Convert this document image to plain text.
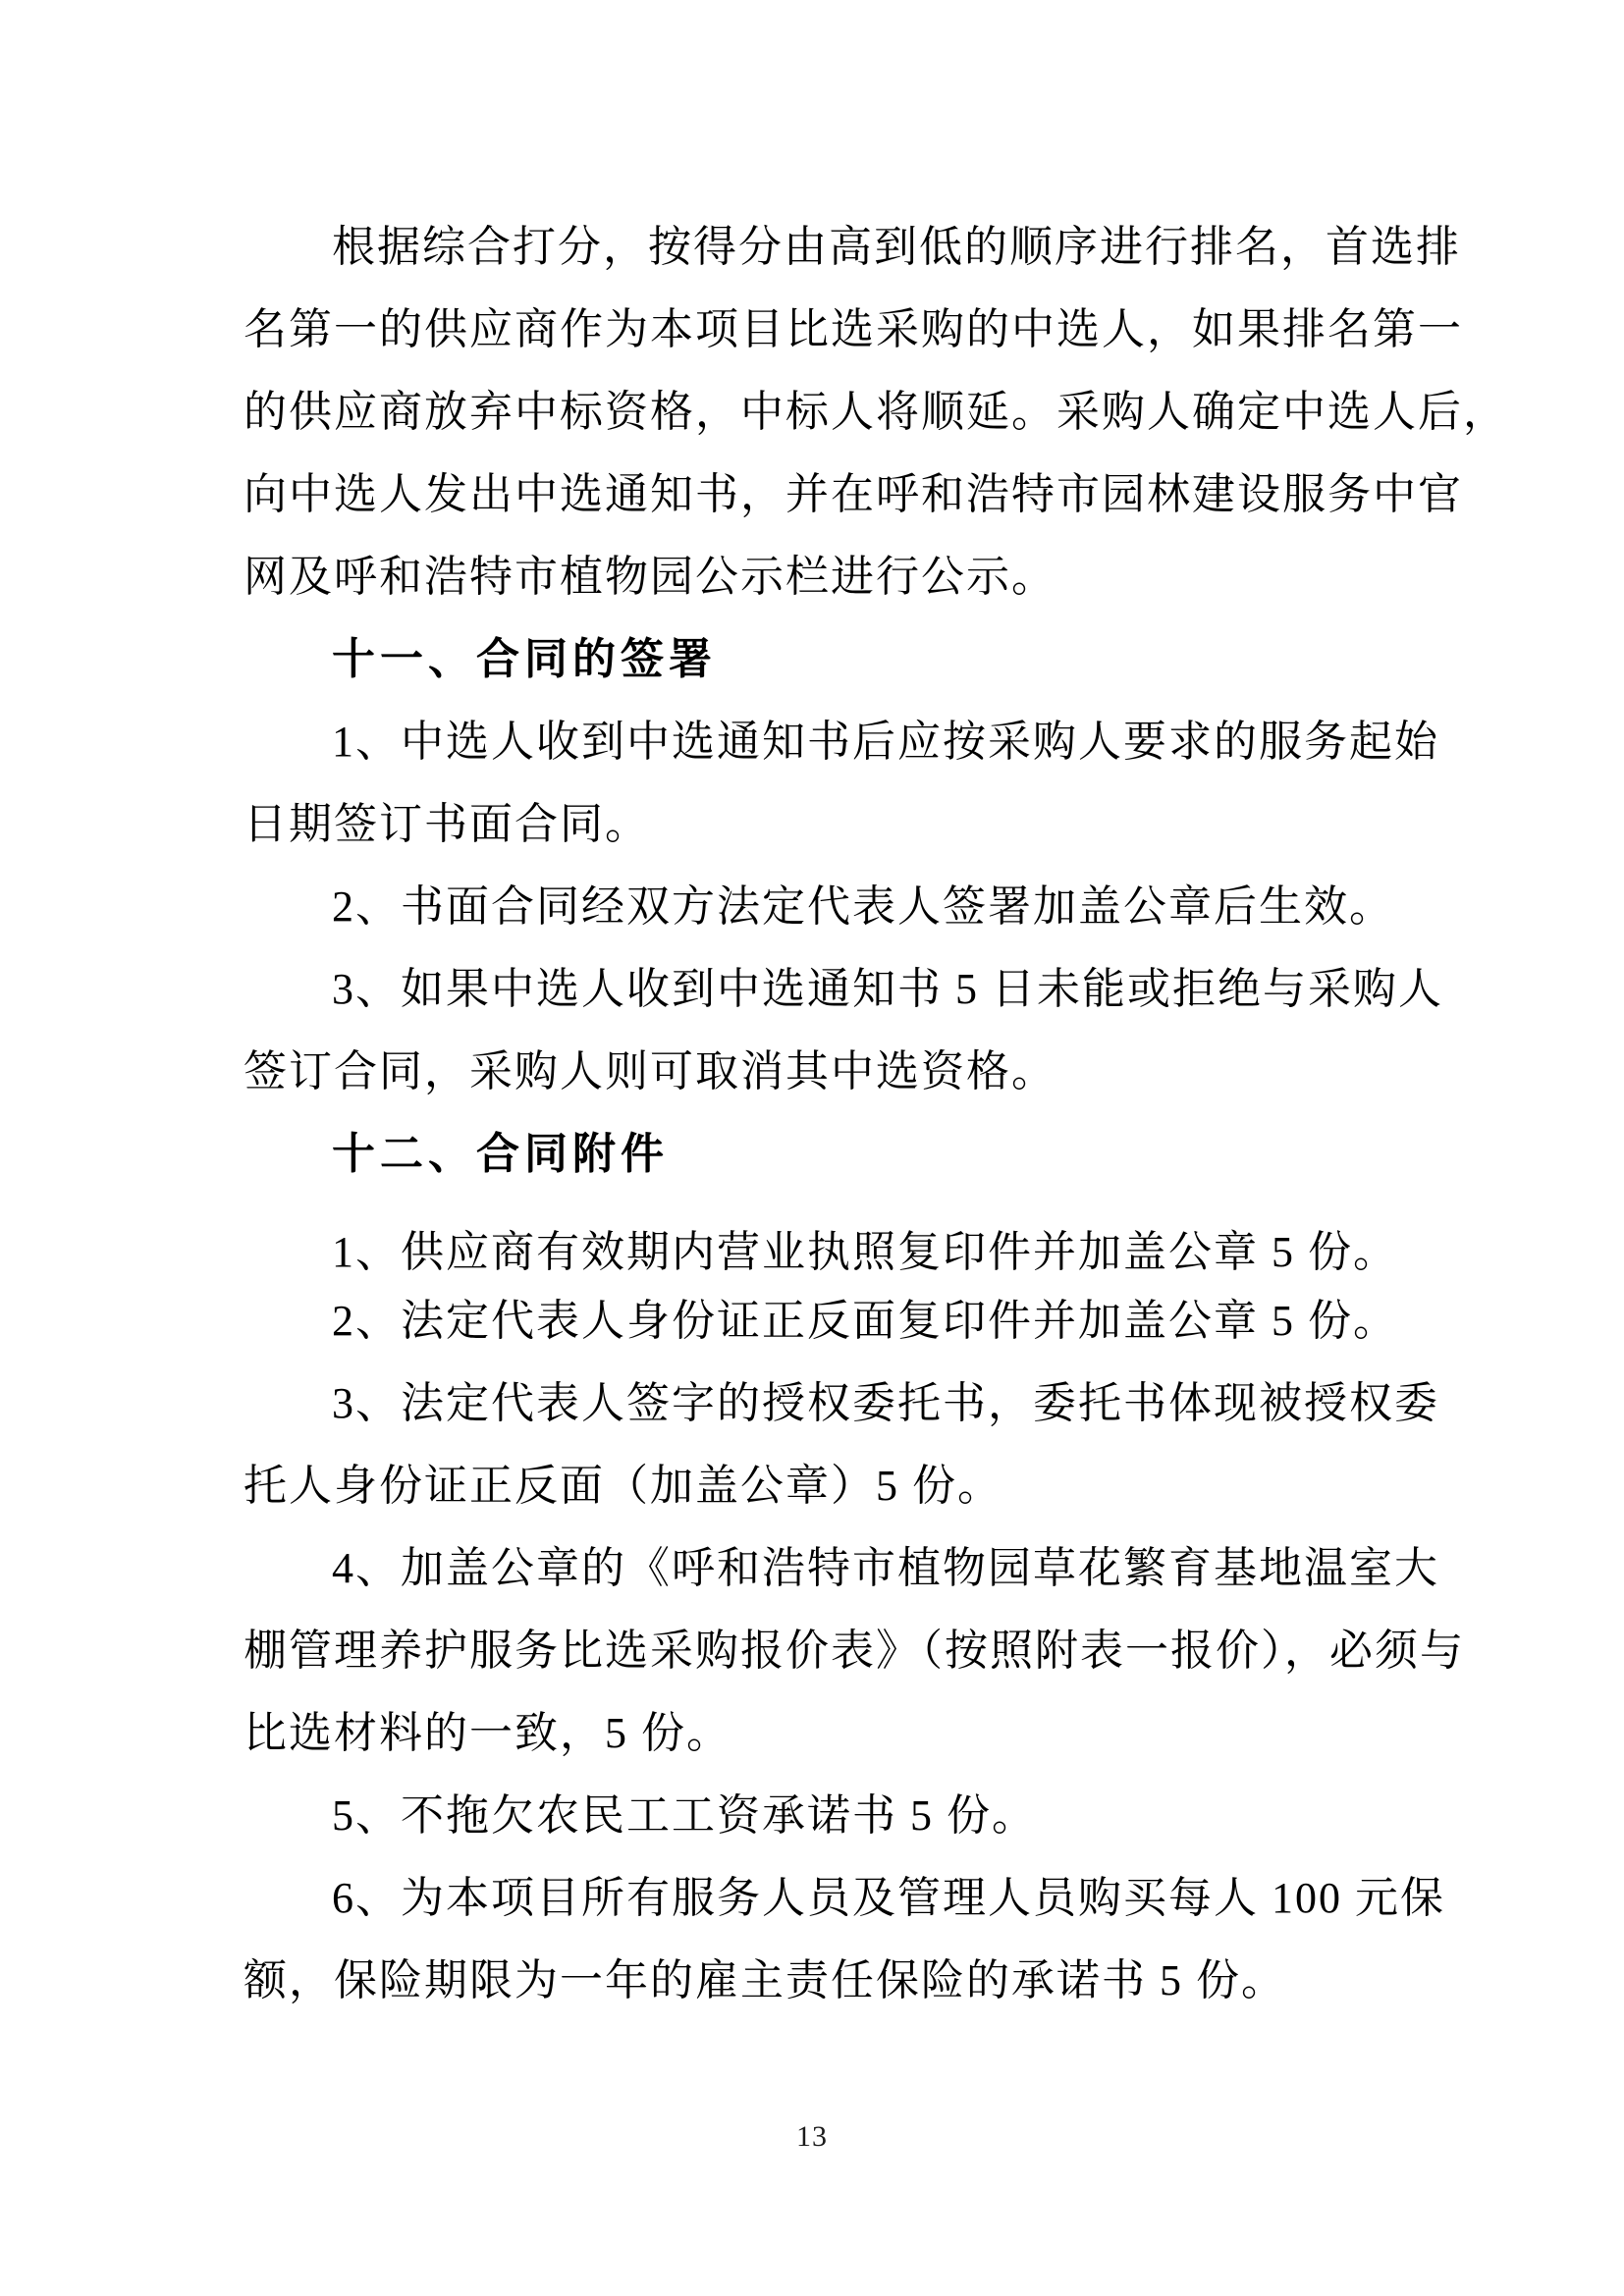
根据综合打分，按得分由高到低的顺序进行排名，首选排
名第一的供应商作为本项目比选采购的中选人，如果排名第一
的供应商放弃中标资格，中标人将顺延。采购人确定中选人后，
向中选人发出中选通知书，并在呼和浩特市园林建设服务中官
网及呼和浩特市植物园公示栏进行公示。
十一、合同的签署
1、中选人收到中选通知书后应按采购人要求的服务起始
日期签订书面合同。
2、书面合同经双方法定代表人签署加盖公章后生效。
3、如果中选人收到中选通知书 5 日未能或拒绝与采购人
签订合同，采购人则可取消其中选资格。
十二、合同附件
1、供应商有效期内营业执照复印件并加盖公章 5 份。
2、法定代表人身份证正反面复印件并加盖公章 5 份。
3、法定代表人签字的授权委托书，委托书体现被授权委
托人身份证正反面（加盖公章）5 份。
4、加盖公章的《呼和浩特市植物园草花繁育基地温室大
棚管理养护服务比选采购报价表》（按照附表一报价），必须与
比选材料的一致，5 份。
5、不拖欠农民工工资承诺书 5 份。
6、为本项目所有服务人员及管理人员购买每人 100 元保
额，保险期限为一年的雇主责任保险的承诺书 5 份。
13
